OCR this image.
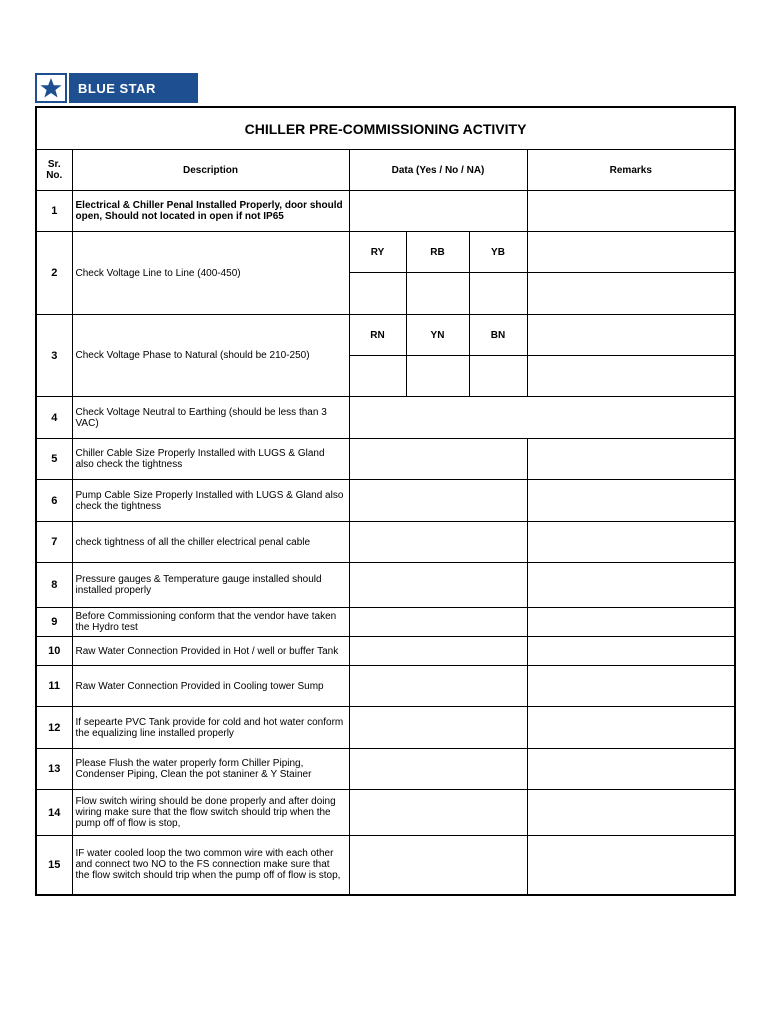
BLUE STAR
CHILLER PRE-COMMISSIONING ACTIVITY					
Sr. No.	Description	Data (Yes / No / NA)			Remarks
1	Electrical & Chiller Penal Installed Properly, door should open, Should not located in open if not IP65				
2	Check Voltage Line to Line (400-450)	RY	RB	YB	

3	Check Voltage Phase to Natural (should be 210-250)	RN	YN	BN	

4	Check Voltage Neutral to Earthing (should be less than 3 VAC)				
5	Chiller Cable Size Properly Installed with LUGS & Gland also check the tightness				
6	Pump Cable Size Properly Installed with LUGS & Gland also check the tightness				
7	check tightness of all the chiller electrical penal cable				
8	Pressure gauges & Temperature gauge installed should installed properly				
9	Before Commissioning conform that the vendor have taken the Hydro test				
10	Raw Water Connection Provided in Hot / well or buffer Tank				
11	Raw Water Connection Provided in Cooling tower Sump				
12	If sepearte PVC Tank provide for cold and hot water conform the equalizing line installed properly				
13	Please Flush the water properly form Chiller Piping, Condenser Piping, Clean the pot staniner & Y Stainer				
14	Flow switch wiring should be done properly and after doing wiring make sure that the flow switch should trip when the pump off of flow is stop,				
15	IF water cooled loop the two common wire with each other and connect two NO to the FS connection make sure that the flow switch should trip when the pump off of flow is stop,				
